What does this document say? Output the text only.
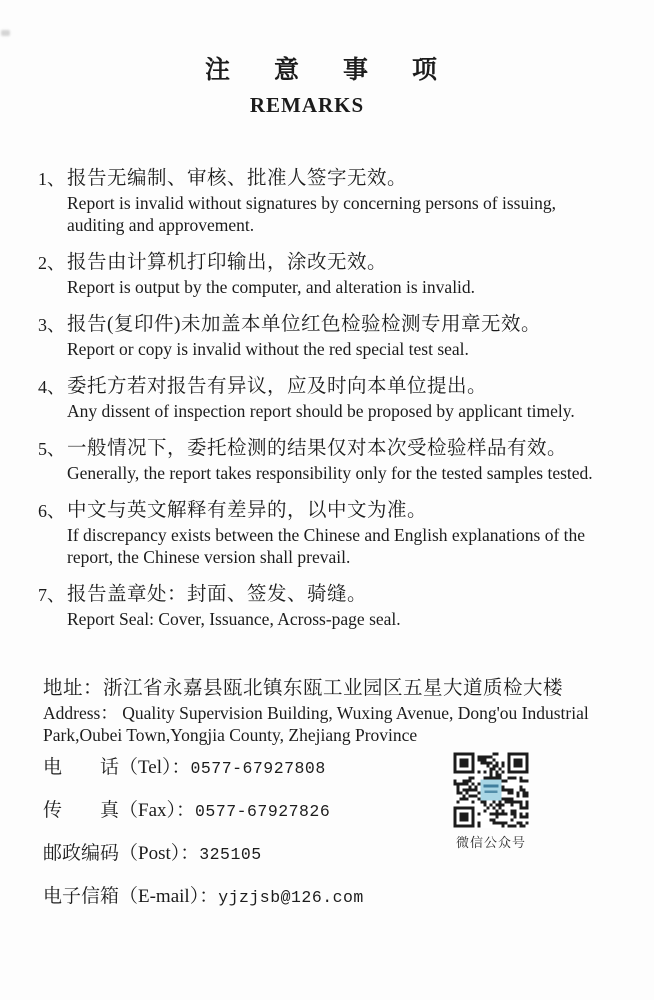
注意事项
REMARKS
1、 报告无编制、审核、批准人签字无效。
Report is invalid without signatures by concerning persons of issuing, auditing and approvement.
2、 报告由计算机打印输出，涂改无效。
Report is output by the computer, and alteration is invalid.
3、 报告(复印件)未加盖本单位红色检验检测专用章无效。
Report or copy is invalid without the red special test seal.
4、 委托方若对报告有异议，应及时向本单位提出。
Any dissent of inspection report should be proposed by applicant timely.
5、 一般情况下，委托检测的结果仅对本次受检验样品有效。
Generally, the report takes responsibility only for the tested samples tested.
6、 中文与英文解释有差异的，以中文为准。
If discrepancy exists between the Chinese and English explanations of the report, the Chinese version shall prevail.
7、 报告盖章处：封面、签发、骑缝。
Report Seal: Cover, Issuance, Across-page seal.
地址：浙江省永嘉县瓯北镇东瓯工业园区五星大道质检大楼
Address： Quality Supervision Building, Wuxing Avenue, Dong'ou Industrial Park,Oubei Town,Yongjia County, Zhejiang Province
电　　话（Tel）：0577-67927808
传　　真（Fax）：0577-67927826
邮政编码（Post）：325105
电子信箱（E-mail）：yjzjsb@126.com
微信公众号
